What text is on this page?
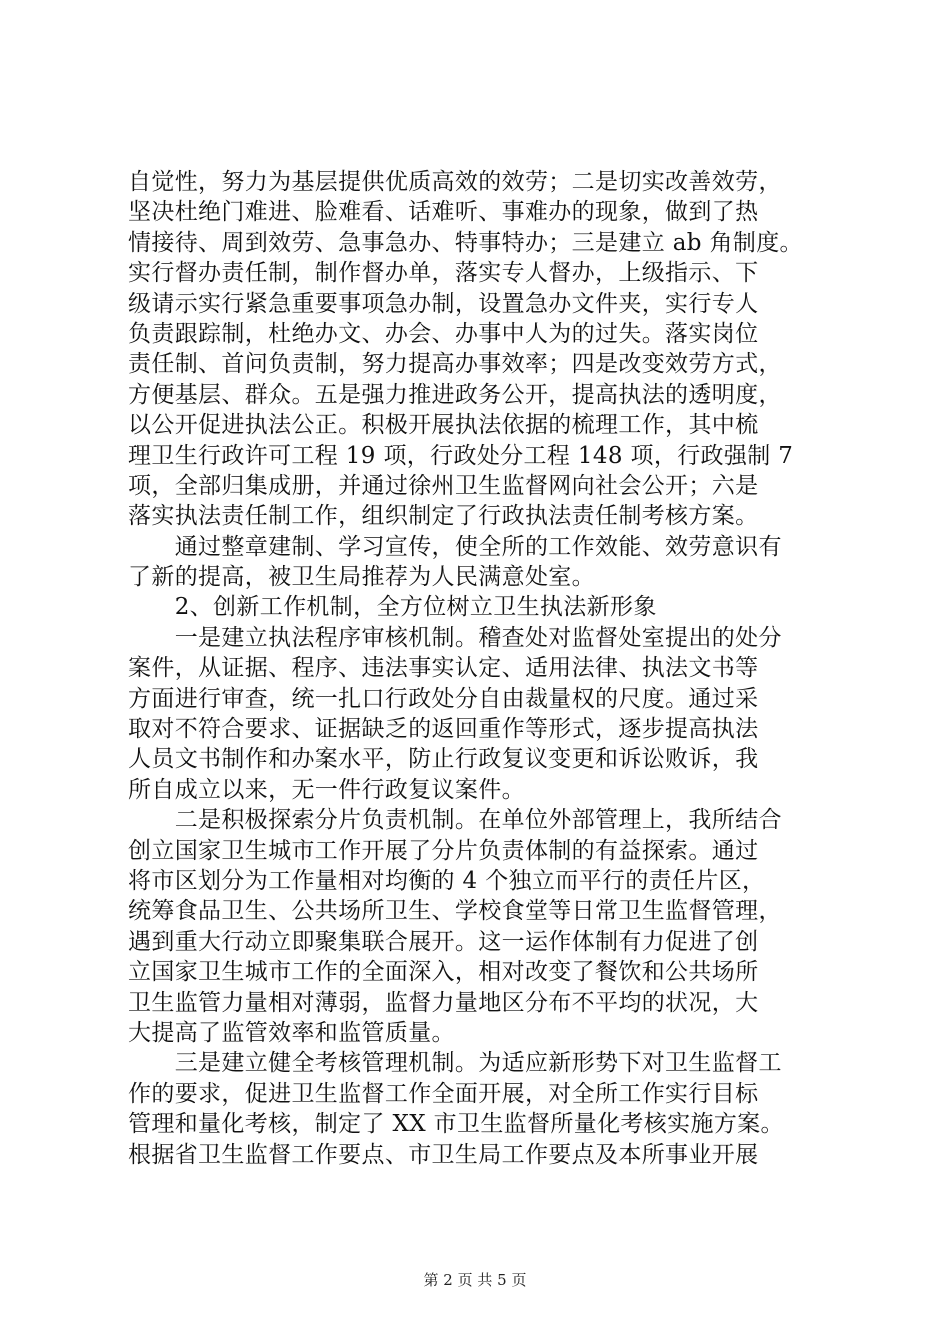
自觉性，努力为基层提供优质高效的效劳；二是切实改善效劳，
坚决杜绝门难进、脸难看、话难听、事难办的现象，做到了热
情接待、周到效劳、急事急办、特事特办；三是建立 ab 角制度。
实行督办责任制，制作督办单，落实专人督办，上级指示、下
级请示实行紧急重要事项急办制，设置急办文件夹，实行专人
负责跟踪制，杜绝办文、办会、办事中人为的过失。落实岗位
责任制、首问负责制，努力提高办事效率；四是改变效劳方式，
方便基层、群众。五是强力推进政务公开，提高执法的透明度，
以公开促进执法公正。积极开展执法依据的梳理工作，其中梳
理卫生行政许可工程 19 项，行政处分工程 148 项，行政强制 7
项，全部归集成册，并通过徐州卫生监督网向社会公开；六是
落实执法责任制工作，组织制定了行政执法责任制考核方案。
　　通过整章建制、学习宣传，使全所的工作效能、效劳意识有
了新的提高，被卫生局推荐为人民满意处室。
　　2、创新工作机制，全方位树立卫生执法新形象
　　一是建立执法程序审核机制。稽查处对监督处室提出的处分
案件，从证据、程序、违法事实认定、适用法律、执法文书等
方面进行审查，统一扎口行政处分自由裁量权的尺度。通过采
取对不符合要求、证据缺乏的返回重作等形式，逐步提高执法
人员文书制作和办案水平，防止行政复议变更和诉讼败诉，我
所自成立以来，无一件行政复议案件。
　　二是积极探索分片负责机制。在单位外部管理上，我所结合
创立国家卫生城市工作开展了分片负责体制的有益探索。通过
将市区划分为工作量相对均衡的 4 个独立而平行的责任片区，
统筹食品卫生、公共场所卫生、学校食堂等日常卫生监督管理，
遇到重大行动立即聚集联合展开。这一运作体制有力促进了创
立国家卫生城市工作的全面深入，相对改变了餐饮和公共场所
卫生监管力量相对薄弱，监督力量地区分布不平均的状况，大
大提高了监管效率和监管质量。
　　三是建立健全考核管理机制。为适应新形势下对卫生监督工
作的要求，促进卫生监督工作全面开展，对全所工作实行目标
管理和量化考核，制定了 XX 市卫生监督所量化考核实施方案。
根据省卫生监督工作要点、市卫生局工作要点及本所事业开展
第 2 页 共 5 页
